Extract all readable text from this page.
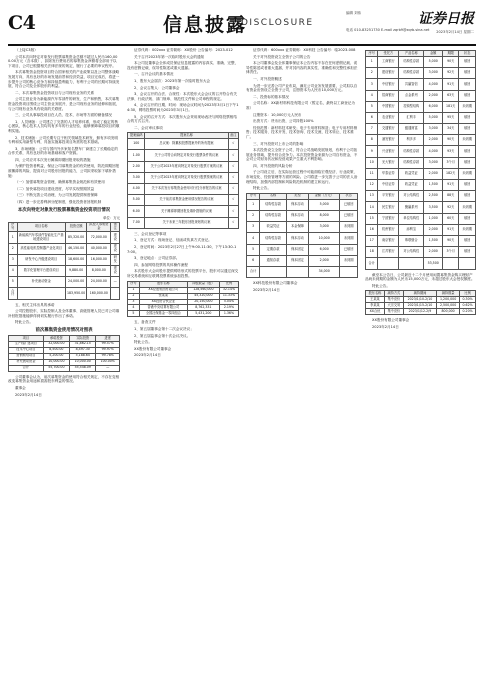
C4	信息披露
DISCLOSURE
编辑 刘伟
电话 010-83251730 E-mail zqrb9@zqrb.sina.net
证券日报
2023年2月14日 星期二

（上接C3版）

公司本次向特定对象发行股票募集资金总额不超过人民币160,000.00万元（含本数），扣除发行费用后的募集资金净额将全部用于以下项目，公司已根据相关法律法规的规定，履行了必要的审议程序。

本次募集资金投资项目符合国家相关的产业政策以及公司整体战略发展方向，具有良好的市场发展前景和经济效益，项目完成后，将进一步提升公司的核心竞争力和持续盈利能力，有利于公司的长期可持续发展，符合公司及全体股东的利益。

二、本次募集资金投资项目与公司现有业务的关系

公司主营业务为新能源汽车零部件的研发、生产和销售，本次募集资金投资项目围绕公司主营业务展开，是公司现有业务的延伸和拓展，与公司现有业务具有较高的关联度。

三、公司从事募投项目在人员、技术、市场等方面的储备情况

1、人员储备：公司建立了完善的人才培养体系，形成了稳定的核心团队，核心技术人员均具有多年的行业经验，能够保障募投项目的顺利实施。

2、技术储备：公司长期专注于相关领域技术研发，拥有多项发明专利和实用新型专利，具备实施募投项目所需的技术基础。

3、市场储备：公司与国内外多家知名整车厂商建立了长期稳定的合作关系，具有良好的市场基础和客户资源。

四、公司应对本次发行摊薄即期回报采取的措施

为保护投资者利益，保证公司募集资金的有效使用，防范即期回报被摊薄的风险，提高对公司股东回报的能力，公司拟采取如下填补措施：

（一）加强募集资金管理，确保募集资金规范和有效使用

（二）加快募投项目建设进度，尽早实现预期效益

（三）不断完善公司治理，为公司发展提供制度保障

（四）进一步完善利润分配制度，强化投资者回报机制

本次向特定对象发行股票募集资金投资项目情况
单位：万元
序号	项目名称	投资总额	拟投入募集资金	备注
1	新能源汽车零部件智能化生产基地建设项目	85,320.00	72,000.00	建设
2	高性能电机控制器产业化项目	46,150.00	40,000.00	建设
3	研发中心升级建设项目	18,600.00	16,000.00	研发
4	数字化管理平台建设项目	9,880.00	8,000.00	建设
5	补充流动资金	24,000.00	24,000.00	—
合计		183,950.00	160,000.00	

五、相关主体出具的承诺

公司控股股东、实际控制人及全体董事、高级管理人员已对公司填补回报措施能够得到切实履行作出了承诺。

特此公告。

前次募集资金使用情况对照表
项目	承诺投资	实际投资	进度
生产线扩建项目	32,000.00	31,862.15	99.57%
技术中心项目	8,500.00	8,497.30	99.97%
营销网络项目	5,200.00	5,188.64	99.78%
补充流动资金	10,000.00	10,000.00	100.00%
合计	55,700.00	55,548.09	—

公司董事会认为，前次募集资金的使用符合相关规定，不存在变相改变募集资金用途和损害股东利益的情况。

董事会

2023年2月14日

证券代码：002xxx 证券简称：XX股份 公告编号：2023-012

关于召开2023年第一次临时股东大会的通知

本公司及董事会全体成员保证信息披露的内容真实、准确、完整，没有虚假记载、误导性陈述或重大遗漏。

一、召开会议的基本情况

1、股东大会届次：2023年第一次临时股东大会

2、会议召集人：公司董事会

3、会议召开的合法、合规性：本次股东大会会议的召开符合有关法律、行政法规、部门规章、规范性文件和公司章程的规定。

4、会议召开的日期、时间：现场会议时间为2023年3月1日下午14:30，网络投票时间为2023年3月1日。

5、会议的召开方式：本次股东大会采用现场表决与网络投票相结合的方式召开。

二、会议审议事项

提案编码	提案名称	备注
100	总议案：除累积投票提案外的所有提案	√
1.00	关于公司符合向特定对象发行股票条件的议案	√
2.00	关于公司2023年度向特定对象发行股票方案的议案	√
3.00	关于公司2023年度向特定对象发行股票预案的议案	√
4.00	关于本次发行募集资金使用可行性分析报告的议案	√
5.00	关于前次募集资金使用情况报告的议案	√
6.00	关于摊薄即期回报及填补措施的议案	√
7.00	关于未来三年股东回报规划的议案	√

三、会议登记等事项

1、登记方式：现场登记、信函或传真方式登记。

2、登记时间：2023年2月27日上午9:00-11:30，下午13:30-17:00。

3、登记地点：公司证券部。

四、参加网络投票的具体操作流程

本次股东大会向股东提供网络形式的投票平台，股东可以通过深交所交易系统和互联网投票系统参加投票。

序号	股东名称	持股数量（股）	比例
1	XX控股集团有限公司	128,560,000	32.14%
2	张某某	45,320,000	11.33%
3	XX投资合伙企业	20,150,000	5.04%
4	香港中央结算有限公司	8,762,331	2.19%
5	全国社保基金一零四组合	5,431,200	1.36%

五、备查文件

1、第五届董事会第十二次会议决议；

2、第五届监事会第十次会议决议。

特此公告。

XX股份有限公司董事会

2023年2月14日

证券代码：600xxx 证券简称：XX科技 公告编号：临2023-008

关于对外投资设立全资子公司的公告

本公司董事会及全体董事保证本公告内容不存在任何虚假记载、误导性陈述或者重大遗漏，并对其内容的真实性、准确性和完整性承担法律责任。

一、对外投资概述

为进一步完善公司产业布局，满足公司业务发展需要，公司拟以自有资金出资设立全资子公司，注册资本为人民币10,000万元。

二、投资标的基本情况

公司名称：XX新材料科技有限公司（暂定名，最终以工商登记为准）

注册资本：10,000万元人民币

出资方式：货币出资，公司持股100%

经营范围：新材料技术研发；电子专用材料制造；电子专用材料销售；技术服务、技术开发、技术咨询、技术交流、技术转让、技术推广。

三、对外投资对上市公司的影响

本次投资设立全资子公司，符合公司战略发展规划，有利于公司拓展业务领域，提升综合竞争力。本次投资资金来源为公司自有资金，不会对公司财务状况和经营成果产生重大不利影响。

四、对外投资的风险分析

子公司设立后，在实际运营过程中可能面临宏观经济、行业政策、市场变化、经营管理等方面的风险。公司将进一步完善子公司的法人治理结构，加强内部控制和风险防范机制的建立和运行。

特此公告。

序号	名称	类型	金额（万元）	状态
1	结构性存款	保本浮动	5,000	已赎回
2	结构性存款	保本浮动	8,000	已赎回
3	收益凭证	本金保障	3,000	未到期
4	结构性存款	保本浮动	10,000	未到期
5	定期存款	保本固定	6,000	已赎回
6	通知存款	保本固定	2,000	未到期
合计			34,000	

XX科技股份有限公司董事会

2023年2月14日

序号	受托方	产品名称	金额	期限	状态
1	工商银行	结构性存款	5,000	90天	赎回
2	建设银行	结构性存款	3,000	92天	赎回
3	中信银行	共赢智信	4,000	91天	赎回
4	招商银行	点金系列	2,000	63天	赎回
5	中国银行	挂钩型结构	6,000	181天	未到期
6	农业银行	汇利丰	5,000	95天	赎回
7	交通银行	蕴通财富	3,000	34天	赎回
8	浦发银行	利多多	2,000	90天	未到期
9	兴业银行	结构性存款	4,000	93天	赎回
10	光大银行	结构性存款	3,000	3个月	赎回
11	华泰证券	收益凭证	2,000	182天	未到期
12	中信证券	收益凭证	1,500	91天	赎回
13	平安银行	对公结构性	2,500	88天	赎回
14	民生银行	聚赢系列	3,500	92天	未到期
15	宁波银行	单位结构性	1,000	60天	赎回
16	杭州银行	添利宝	2,000	91天	未到期
17	南京银行	珠联璧合	1,500	90天	赎回
18	江苏银行	对公结构性	2,000	3个月	赎回
合计			53,500		

截至本公告日，公司最近十二个月使用闲置募集资金购买理财产品尚未到期的金额为人民币15,000万元，未超过股东大会授权额度。

特此公告。

股东名称	减持方式	减持期间	减持数量	比例
王某某	集中竞价	2023/1/10-2/10	1,200,000	0.30%
李某某	大宗交易	2023/1/15-2/10	2,500,000	0.62%
XX合伙	集中竞价	2023/1/12-2/9	800,000	0.20%

XX股份有限公司董事会

2023年2月14日
